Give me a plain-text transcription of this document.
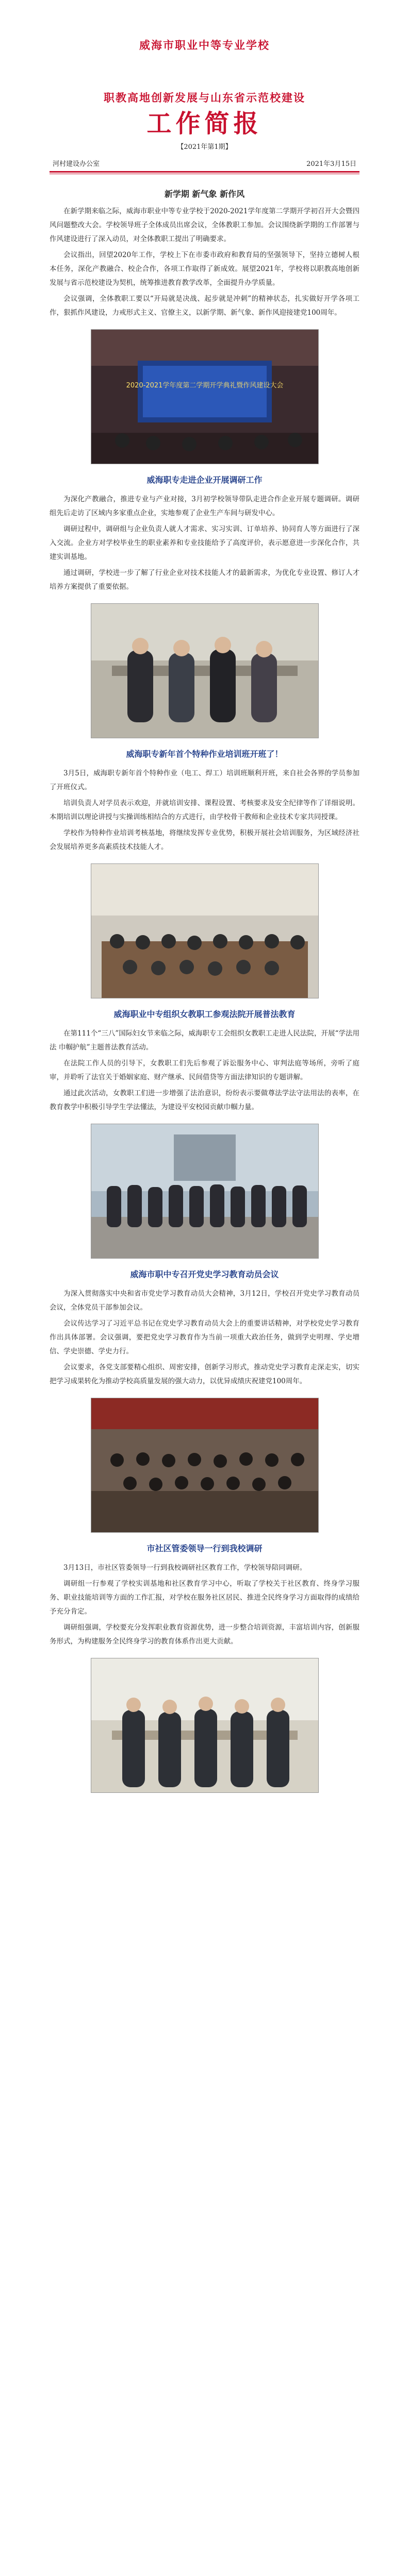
威海市职业中等专业学校
职教高地创新发展与山东省示范校建设
工作简报
【2021年第1期】
河村建设办公室	2021年3月15日
新学期 新气象 新作风

在新学期来临之际，威海市职业中等专业学校于2020-2021学年度第二学期开学初召开大会暨四风问题整改大会。学校领导班子全体成员出席会议，全体教职工参加。会议围绕新学期的工作部署与作风建设进行了深入动员，对全体教职工提出了明确要求。

会议指出，回望2020年工作，学校上下在市委市政府和教育局的坚强领导下，坚持立德树人根本任务，深化产教融合、校企合作，各项工作取得了新成效。展望2021年，学校将以职教高地创新发展与省示范校建设为契机，统筹推进教育教学改革，全面提升办学质量。

会议强调，全体教职工要以“开局就是决战、起步就是冲刺”的精神状态，扎实做好开学各项工作，狠抓作风建设，力戒形式主义、官僚主义，以新学期、新气象、新作风迎接建党100周年。

2020-2021学年度第二学期开学典礼暨作风建设大会
威海职专走进企业开展调研工作

为深化产教融合，推进专业与产业对接，3月初学校领导带队走进合作企业开展专题调研。调研组先后走访了区域内多家重点企业，实地参观了企业生产车间与研发中心。

调研过程中，调研组与企业负责人就人才需求、实习实训、订单培养、协同育人等方面进行了深入交流。企业方对学校毕业生的职业素养和专业技能给予了高度评价，表示愿意进一步深化合作，共建实训基地。

通过调研，学校进一步了解了行业企业对技术技能人才的最新需求，为优化专业设置、修订人才培养方案提供了重要依据。

威海职专新年首个特种作业培训班开班了！

3月5日，威海职专新年首个特种作业（电工、焊工）培训班顺利开班，来自社会各界的学员参加了开班仪式。

培训负责人对学员表示欢迎，并就培训安排、课程设置、考核要求及安全纪律等作了详细说明。本期培训以理论讲授与实操训练相结合的方式进行，由学校骨干教师和企业技术专家共同授课。

学校作为特种作业培训考核基地，将继续发挥专业优势，积极开展社会培训服务，为区域经济社会发展培养更多高素质技术技能人才。

威海职业中专组织女教职工参观法院开展普法教育

在第111个“三八”国际妇女节来临之际，威海职专工会组织女教职工走进人民法院，开展“学法用法 巾帼护航”主题普法教育活动。

在法院工作人员的引导下，女教职工们先后参观了诉讼服务中心、审判法庭等场所，旁听了庭审，并聆听了法官关于婚姻家庭、财产继承、民间借贷等方面法律知识的专题讲解。

通过此次活动，女教职工们进一步增强了法治意识，纷纷表示要做尊法学法守法用法的表率，在教育教学中积极引导学生学法懂法，为建设平安校园贡献巾帼力量。

威海市职中专召开党史学习教育动员会议

为深入贯彻落实中央和省市党史学习教育动员大会精神，3月12日，学校召开党史学习教育动员会议，全体党员干部参加会议。

会议传达学习了习近平总书记在党史学习教育动员大会上的重要讲话精神，对学校党史学习教育作出具体部署。会议强调，要把党史学习教育作为当前一项重大政治任务，做到学史明理、学史增信、学史崇德、学史力行。

会议要求，各党支部要精心组织、周密安排，创新学习形式，推动党史学习教育走深走实，切实把学习成果转化为推动学校高质量发展的强大动力，以优异成绩庆祝建党100周年。

市社区管委领导一行到我校调研

3月13日，市社区管委领导一行到我校调研社区教育工作，学校领导陪同调研。

调研组一行参观了学校实训基地和社区教育学习中心，听取了学校关于社区教育、终身学习服务、职业技能培训等方面的工作汇报，对学校在服务社区居民、推进全民终身学习方面取得的成绩给予充分肯定。

调研组强调，学校要充分发挥职业教育资源优势，进一步整合培训资源，丰富培训内容，创新服务形式，为构建服务全民终身学习的教育体系作出更大贡献。
